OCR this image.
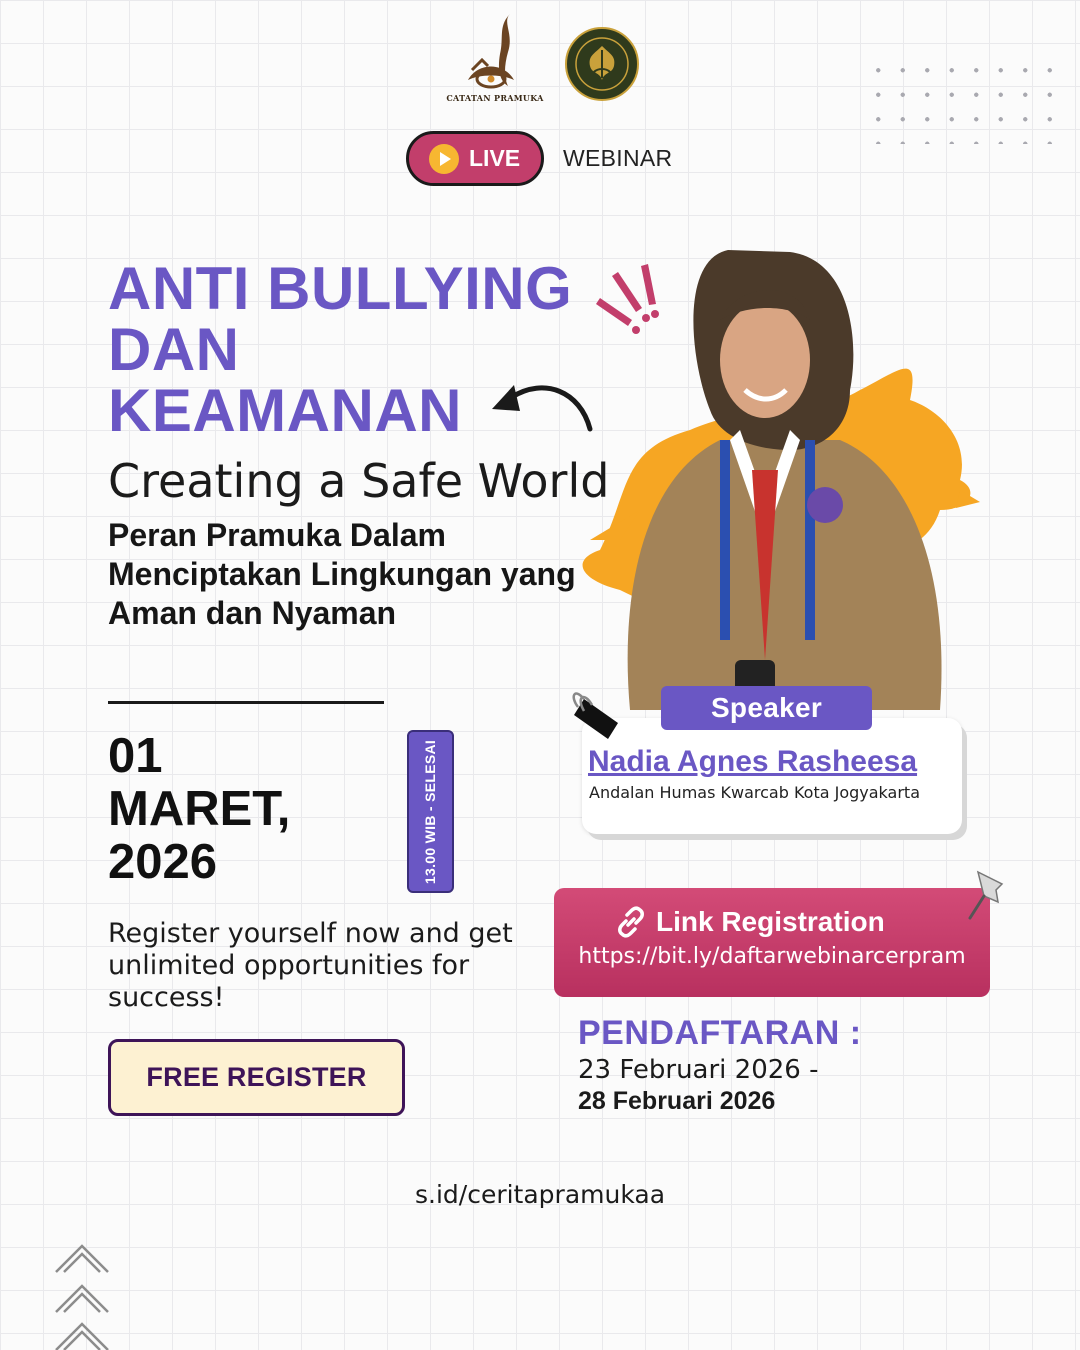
CATATAN PRAMUKA
LIVE WEBINAR
ANTI BULLYING
DAN
KEAMANAN
Creating a Safe World
Peran Pramuka Dalam Menciptakan Lingkungan yang Aman dan Nyaman
Speaker
Nadia Agnes Rasheesa
Andalan Humas Kwarcab Kota Jogyakarta
01
MARET,
2026	13.00 WIB - SELESAI
Register yourself now and get unlimited opportunities for success!
FREE REGISTER
Link Registration
https://bit.ly/daftarwebinarcerpram
PENDAFTARAN :
23 Februari 2026 -
28 Februari 2026
s.id/ceritapramukaa
